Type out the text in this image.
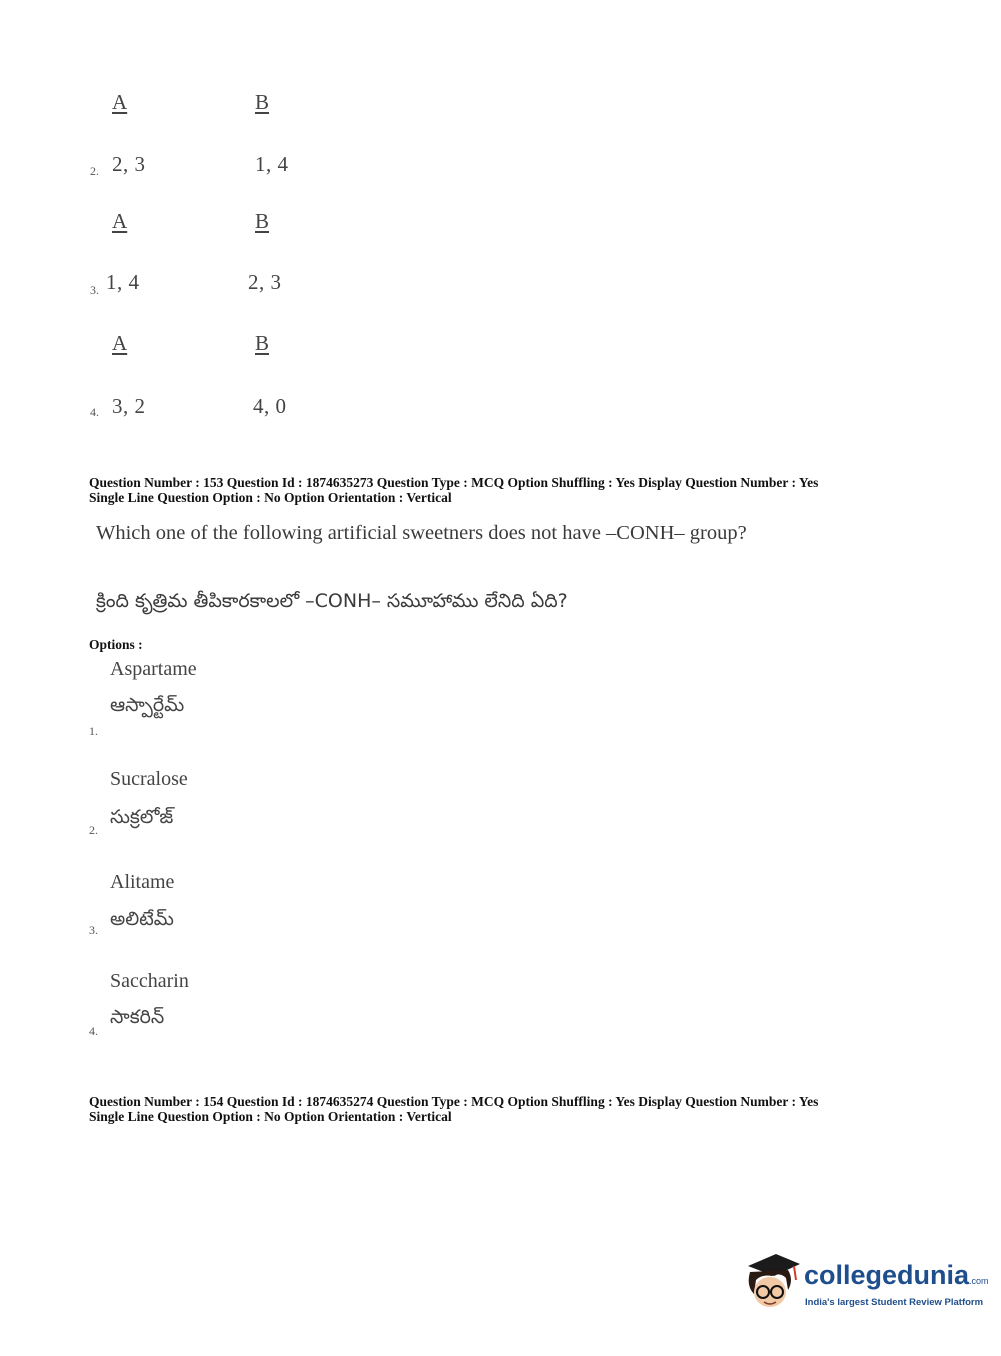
A	B
2. 2, 3	1, 4
A	B
3. 1, 4	2, 3
A	B
4. 3, 2	4, 0
Question Number : 153 Question Id : 1874635273 Question Type : MCQ Option Shuffling : Yes Display Question Number : Yes
Single Line Question Option : No Option Orientation : Vertical
Which one of the following artificial sweetners does not have –CONH– group?
క్రింది కృత్రిమ తీపికారకాలలో –CONH– సమూహాము లేనిది ఏది?
Options :
Aspartame
ఆస్పార్టేమ్
1.
Sucralose
సుక్రలోజ్
2.
Alitame
అలిటేమ్
3.
Saccharin
సాకరిన్
4.
Question Number : 154 Question Id : 1874635274 Question Type : MCQ Option Shuffling : Yes Display Question Number : Yes
Single Line Question Option : No Option Orientation : Vertical
collegedunia.com
India's largest Student Review Platform
